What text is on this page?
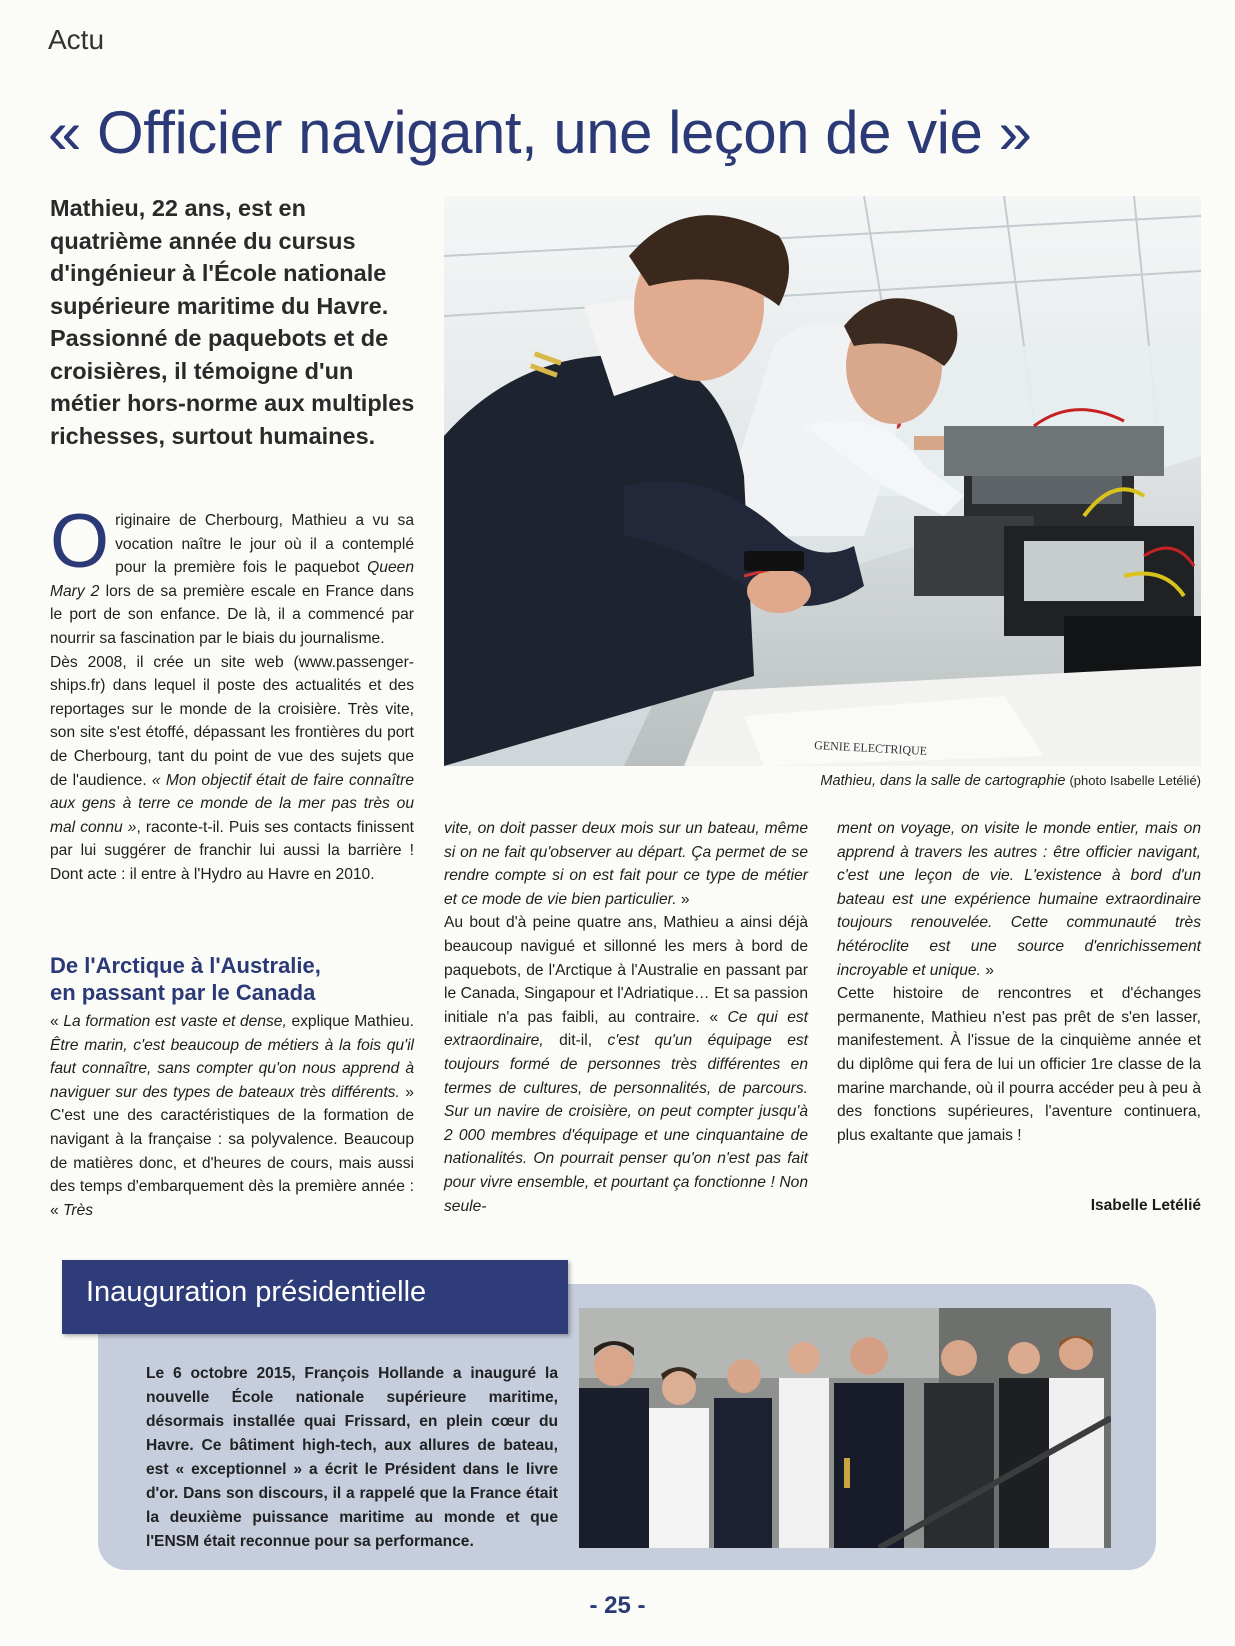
Actu
« Officier navigant, une leçon de vie »
Mathieu, 22 ans, est en quatrième année du cursus d'ingénieur à l'École nationale supérieure maritime du Havre. Passionné de paquebots et de croisières, il témoigne d'un métier hors-norme aux multiples richesses, surtout humaines.

Originaire de Cherbourg, Mathieu a vu sa vocation naître le jour où il a contemplé pour la première fois le paquebot Queen Mary 2 lors de sa première escale en France dans le port de son enfance. De là, il a commencé par nourrir sa fascination par le biais du journalisme.

Dès 2008, il crée un site web (www.passenger-ships.fr) dans lequel il poste des actualités et des reportages sur le monde de la croisière. Très vite, son site s'est étoffé, dépassant les frontières du port de Cherbourg, tant du point de vue des sujets que de l'audience. « Mon objectif était de faire connaître aux gens à terre ce monde de la mer pas très ou mal connu », raconte-t-il. Puis ses contacts finissent par lui suggérer de franchir lui aussi la barrière ! Dont acte : il entre à l'Hydro au Havre en 2010.

De l'Arctique à l'Australie,
en passant par le Canada

« La formation est vaste et dense, explique Mathieu. Être marin, c'est beaucoup de métiers à la fois qu'il faut connaître, sans compter qu'on nous apprend à naviguer sur des types de bateaux très différents. » C'est une des caractéristiques de la formation de navigant à la française : sa polyvalence. Beaucoup de matières donc, et d'heures de cours, mais aussi des temps d'embarquement dès la première année : « Très

vite, on doit passer deux mois sur un bateau, même si on ne fait qu'observer au départ. Ça permet de se rendre compte si on est fait pour ce type de métier et ce mode de vie bien particulier. »

Au bout d'à peine quatre ans, Mathieu a ainsi déjà beaucoup navigué et sillonné les mers à bord de paquebots, de l'Arctique à l'Australie en passant par le Canada, Singapour et l'Adriatique… Et sa passion initiale n'a pas faibli, au contraire. « Ce qui est extraordinaire, dit-il, c'est qu'un équipage est toujours formé de personnes très différentes en termes de cultures, de personnalités, de parcours. Sur un navire de croisière, on peut compter jusqu'à 2 000 membres d'équipage et une cinquantaine de nationalités. On pourrait penser qu'on n'est pas fait pour vivre ensemble, et pourtant ça fonctionne ! Non seule-

ment on voyage, on visite le monde entier, mais on apprend à travers les autres : être officier navigant, c'est une leçon de vie. L'existence à bord d'un bateau est une expérience humaine extraordinaire toujours renouvelée. Cette communauté très hétéroclite est une source d'enrichissement incroyable et unique. »

Cette histoire de rencontres et d'échanges permanente, Mathieu n'est pas prêt de s'en lasser, manifestement. À l'issue de la cinquième année et du diplôme qui fera de lui un officier 1re classe de la marine marchande, où il pourra accéder peu à peu à des fonctions supérieures, l'aventure continuera, plus exaltante que jamais !

GENIE ELECTRIQUE
Mathieu, dans la salle de cartographie (photo Isabelle Letélié)
Isabelle Letélié
Inauguration présidentielle
Le 6 octobre 2015, François Hollande a inauguré la nouvelle École nationale supérieure maritime, désormais installée quai Frissard, en plein cœur du Havre. Ce bâtiment high-tech, aux allures de bateau, est « exceptionnel » a écrit le Président dans le livre d'or. Dans son discours, il a rappelé que la France était la deuxième puissance maritime au monde et que l'ENSM était reconnue pour sa performance.
- 25 -
